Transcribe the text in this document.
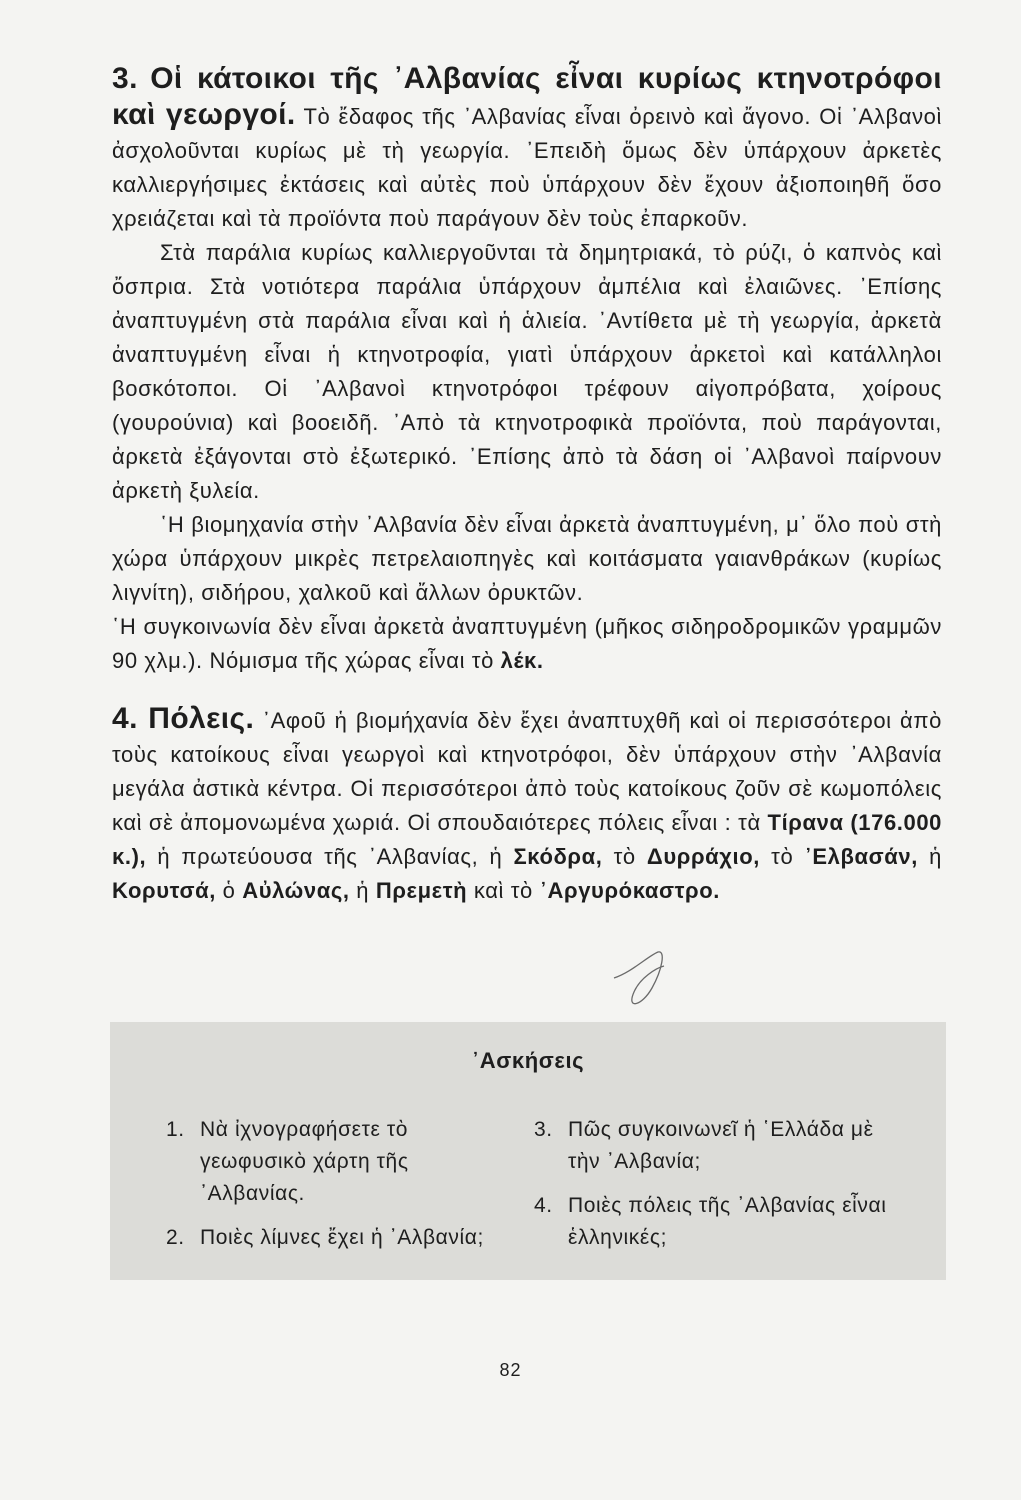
3. Οἱ κάτοικοι τῆς ᾿Αλβανίας εἶναι κυρίως κτηνοτρόφοι καὶ γεωργοί. Τὸ ἔδαφος τῆς ᾿Αλβανίας εἶναι ὀρεινὸ καὶ ἄγονο. Οἱ ᾿Αλβανοὶ ἀσχολοῦνται κυρίως μὲ τὴ γεωργία. ᾿Επειδὴ ὅμως δὲν ὑπάρχουν ἀρκετὲς καλλιεργήσιμες ἐκτάσεις καὶ αὐτὲς ποὺ ὑπάρχουν δὲν ἔχουν ἀξιοποιηθῆ ὅσο χρειάζεται καὶ τὰ προϊόντα ποὺ παράγουν δὲν τοὺς ἐπαρκοῦν.

Στὰ παράλια κυρίως καλλιεργοῦνται τὰ δημητριακά, τὸ ρύζι, ὁ καπνὸς καὶ ὄσπρια. Στὰ νοτιότερα παράλια ὑπάρχουν ἀμπέλια καὶ ἐλαιῶνες. ᾿Επίσης ἀναπτυγμένη στὰ παράλια εἶναι καὶ ἡ ἁλιεία. ᾿Αντίθετα μὲ τὴ γεωργία, ἀρκετὰ ἀναπτυγμένη εἶναι ἡ κτηνοτροφία, γιατὶ ὑπάρχουν ἀρκετοὶ καὶ κατάλληλοι βοσκότοποι. Οἱ ᾿Αλβανοὶ κτηνοτρόφοι τρέφουν αἰγοπρόβατα, χοίρους (γουρούνια) καὶ βοοειδῆ. ᾿Απὸ τὰ κτηνοτροφικὰ προϊόντα, ποὺ παράγονται, ἀρκετὰ ἐξάγονται στὸ ἐξωτερικό. ᾿Επίσης ἀπὸ τὰ δάση οἱ ᾿Αλβανοὶ παίρνουν ἀρκετὴ ξυλεία.

῾Η βιομηχανία στὴν ᾿Αλβανία δὲν εἶναι ἀρκετὰ ἀναπτυγμένη, μ᾿ ὅλο ποὺ στὴ χώρα ὑπάρχουν μικρὲς πετρελαιοπηγὲς καὶ κοιτάσματα γαιανθράκων (κυρίως λιγνίτη), σιδήρου, χαλκοῦ καὶ ἄλλων ὀρυκτῶν.

῾Η συγκοινωνία δὲν εἶναι ἀρκετὰ ἀναπτυγμένη (μῆκος σιδηροδρομικῶν γραμμῶν 90 χλμ.). Νόμισμα τῆς χώρας εἶναι τὸ λέκ.

4. Πόλεις. ᾿Αφοῦ ἡ βιομήχανία δὲν ἔχει ἀναπτυχθῆ καὶ οἱ περισσότεροι ἀπὸ τοὺς κατοίκους εἶναι γεωργοὶ καὶ κτηνοτρόφοι, δὲν ὑπάρχουν στὴν ᾿Αλβανία μεγάλα ἀστικὰ κέντρα. Οἱ περισσότεροι ἀπὸ τοὺς κατοίκους ζοῦν σὲ κωμοπόλεις καὶ σὲ ἀπομονωμένα χωριά. Οἱ σπουδαιότερες πόλεις εἶναι : τὰ Τίρανα (176.000 κ.), ἡ πρωτεύουσα τῆς ᾿Αλβανίας, ἡ Σκόδρα, τὸ Δυρράχιο, τὸ ᾿Ελβασάν, ἡ Κορυτσά, ὁ Αὐλώνας, ἡ Πρεμετὴ καὶ τὸ ᾿Αργυρόκαστρο.

᾿Ασκήσεις
1. Νὰ ἰχνογραφήσετε τὸ γεωφυσικὸ χάρτη τῆς ᾿Αλβανίας.
2. Ποιὲς λίμνες ἔχει ἡ ᾿Αλβανία;
3. Πῶς συγκοινωνεῖ ἡ ῾Ελλάδα μὲ τὴν ᾿Αλβανία;
4. Ποιὲς πόλεις τῆς ᾿Αλβανίας εἶναι ἑλληνικές;
82
